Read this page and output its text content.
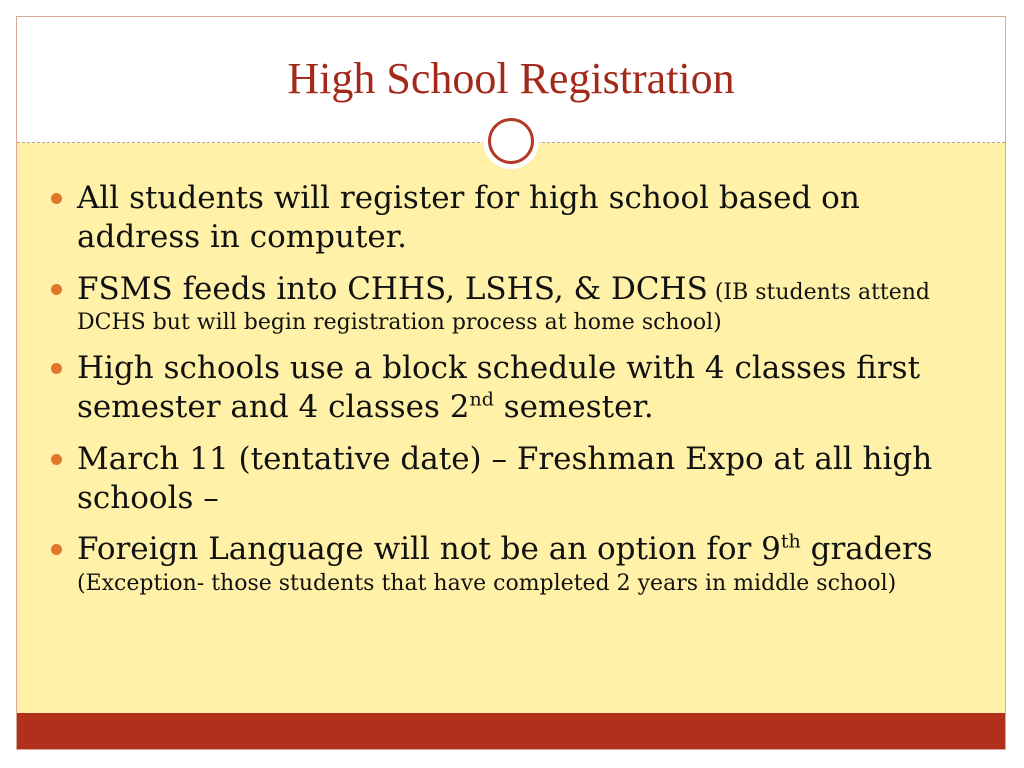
High School Registration
All students will register for high school based on address in computer.
FSMS feeds into CHHS, LSHS, & DCHS (IB students attend DCHS but will begin registration process at home school)
High schools use a block schedule with 4 classes first semester and 4 classes 2nd semester.
March 11 (tentative date) – Freshman Expo at all high schools –
Foreign Language will not be an option for 9th graders (Exception- those students that have completed 2 years in middle school)
